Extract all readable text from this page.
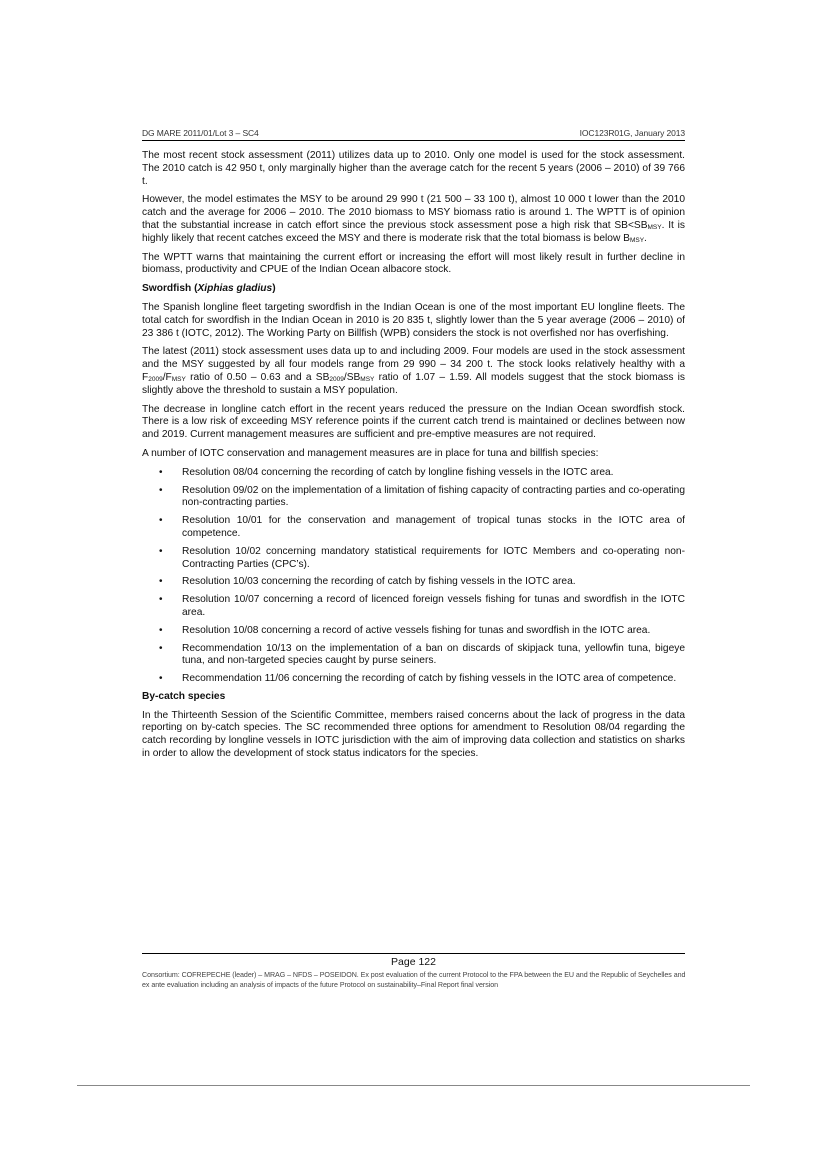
DG MARE 2011/01/Lot 3 – SC4	IOC123R01G, January 2013

The most recent stock assessment (2011) utilizes data up to 2010. Only one model is used for the stock assessment. The 2010 catch is 42 950 t, only marginally higher than the average catch for the recent 5 years (2006 – 2010) of 39 766 t.

However, the model estimates the MSY to be around 29 990 t (21 500 – 33 100 t), almost 10 000 t lower than the 2010 catch and the average for 2006 – 2010. The 2010 biomass to MSY biomass ratio is around 1. The WPTT is of opinion that the substantial increase in catch effort since the previous stock assessment pose a high risk that $SB<SB_{MSY}$. It is highly likely that recent catches exceed the MSY and there is moderate risk that the total biomass is below $B_{MSY}$.

The WPTT warns that maintaining the current effort or increasing the effort will most likely result in further decline in biomass, productivity and CPUE of the Indian Ocean albacore stock.

Swordfish (Xiphias gladius)

The Spanish longline fleet targeting swordfish in the Indian Ocean is one of the most important EU longline fleets. The total catch for swordfish in the Indian Ocean in 2010 is 20 835 t, slightly lower than the 5 year average (2006 – 2010) of 23 386 t (IOTC, 2012). The Working Party on Billfish (WPB) considers the stock is not overfished nor has overfishing.

The latest (2011) stock assessment uses data up to and including 2009. Four models are used in the stock assessment and the MSY suggested by all four models range from 29 990 – 34 200 t. The stock looks relatively healthy with a $F_{2009}/F_{MSY}$ ratio of 0.50 – 0.63 and a $SB_{2009}/SB_{MSY}$ ratio of 1.07 – 1.59. All models suggest that the stock biomass is slightly above the threshold to sustain a MSY population.

The decrease in longline catch effort in the recent years reduced the pressure on the Indian Ocean swordfish stock. There is a low risk of exceeding MSY reference points if the current catch trend is maintained or declines between now and 2019. Current management measures are sufficient and pre-emptive measures are not required.

A number of IOTC conservation and management measures are in place for tuna and billfish species:

• Resolution 08/04 concerning the recording of catch by longline fishing vessels in the IOTC area.
• Resolution 09/02 on the implementation of a limitation of fishing capacity of contracting parties and co-operating non-contracting parties.
• Resolution 10/01 for the conservation and management of tropical tunas stocks in the IOTC area of competence.
• Resolution 10/02 concerning mandatory statistical requirements for IOTC Members and co-operating non-Contracting Parties (CPC’s).
• Resolution 10/03 concerning the recording of catch by fishing vessels in the IOTC area.
• Resolution 10/07 concerning a record of licenced foreign vessels fishing for tunas and swordfish in the IOTC area.
• Resolution 10/08 concerning a record of active vessels fishing for tunas and swordfish in the IOTC area.
• Recommendation 10/13 on the implementation of a ban on discards of skipjack tuna, yellowfin tuna, bigeye tuna, and non-targeted species caught by purse seiners.
• Recommendation 11/06 concerning the recording of catch by fishing vessels in the IOTC area of competence.
By-catch species

In the Thirteenth Session of the Scientific Committee, members raised concerns about the lack of progress in the data reporting on by-catch species. The SC recommended three options for amendment to Resolution 08/04 regarding the catch recording by longline vessels in IOTC jurisdiction with the aim of improving data collection and statistics on sharks in order to allow the development of stock status indicators for the species.

Page 122
Consortium: COFREPECHE (leader) – MRAG – NFDS – POSEIDON. Ex post evaluation of the current Protocol to the FPA between the EU and the Republic of Seychelles and ex ante evaluation including an analysis of impacts of the future Protocol on sustainability–Final Report final version
